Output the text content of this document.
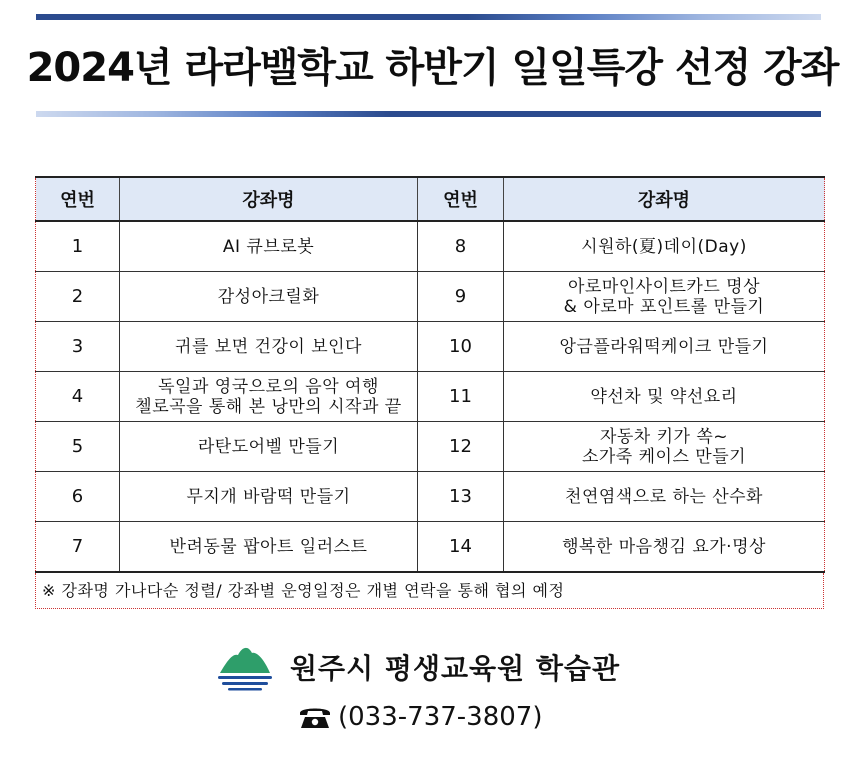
2024년 라라밸학교 하반기 일일특강 선정 강좌
연번	강좌명	연번	강좌명
1	AI 큐브로봇	8	시원하(夏)데이(Day)

2	감성아크릴화	9	아로마인사이트카드 명상
& 아로마 포인트롤 만들기

3	귀를 보면 건강이 보인다	10	앙금플라워떡케이크 만들기

4	독일과 영국으로의 음악 여행
첼로곡을 통해 본 낭만의 시작과 끝	11	약선차 및 약선요리

5	라탄도어벨 만들기	12	자동차 키가 쏙~
소가죽 케이스 만들기

6	무지개 바람떡 만들기	13	천연염색으로 하는 산수화

7	반려동물 팝아트 일러스트	14	행복한 마음챙김 요가·명상
※ 강좌명 가나다순 정렬/ 강좌별 운영일정은 개별 연락을 통해 협의 예정
원주시 평생교육원 학습관
(033-737-3807)
